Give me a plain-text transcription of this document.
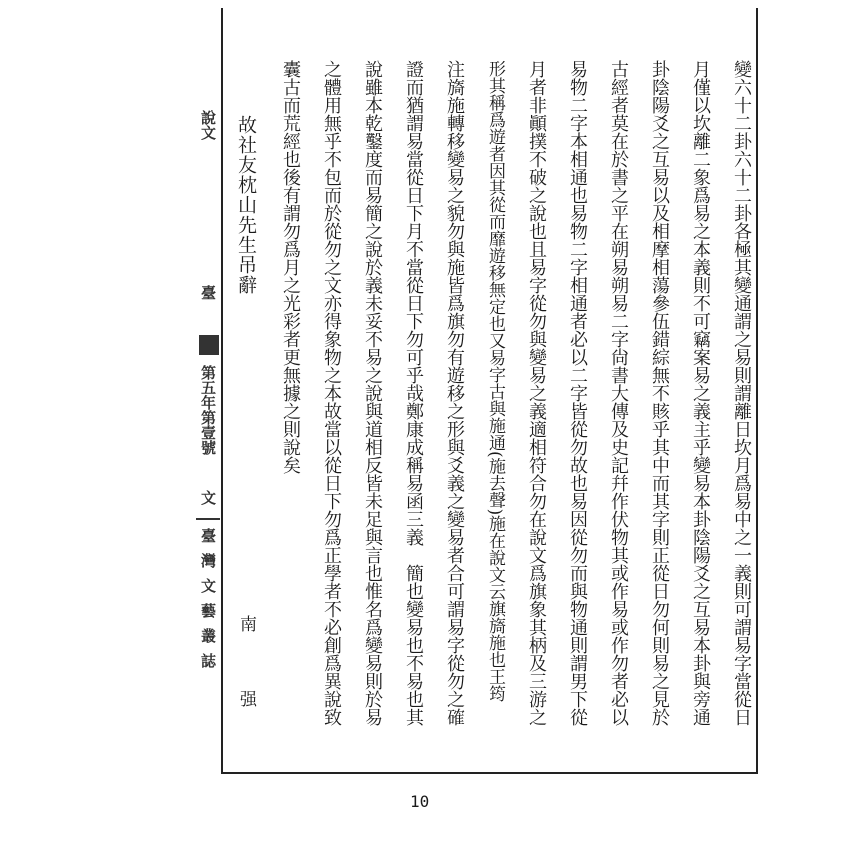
變六十二卦六十二卦各極其變通謂之易則謂離日坎月爲易中之一義則可謂易字當從日
月僅以坎離二象爲易之本義則不可竊案易之義主乎變易本卦陰陽爻之互易本卦與旁通
卦陰陽爻之互易以及相摩相蕩參伍錯綜無不賅乎其中而其字則正從日勿何則易之見於
古經者莫在於書之平在朔易朔易二字尙書大傳及史記幷作伏物其或作易或作勿者必以
易物二字本相通也易物二字相通者必以二字皆從勿故也易因從勿而與物通則謂男下從
月者非顚撲不破之說也且易字從勿與變易之義適相符合勿在說文爲旗象其柄及三游之
形其稱爲遊者因其從而靡遊移無定也又易字古與施通(施去聲)施在說文云旗旖施也王筠
注旖施轉移變易之貌勿與施皆爲旗勿有遊移之形與爻義之變易者合可謂易字從勿之確
證而猶謂易當從日下月不當從日下勿可乎哉鄭康成稱易函三義　簡也變易也不易也其
說雖本乾鑿度而易簡之說於義未妥不易之說與道相反皆未足與言也惟名爲變易則於易
之體用無乎不包而於從勿之文亦得象物之本故當以從日下勿爲正學者不必創爲異說致
囊古而荒經也後有謂勿爲月之光彩者更無據之則說矣
故社友枕山先生吊辭
南
强
說文
臺
第五年第壹號
文
臺灣文藝叢誌
10
